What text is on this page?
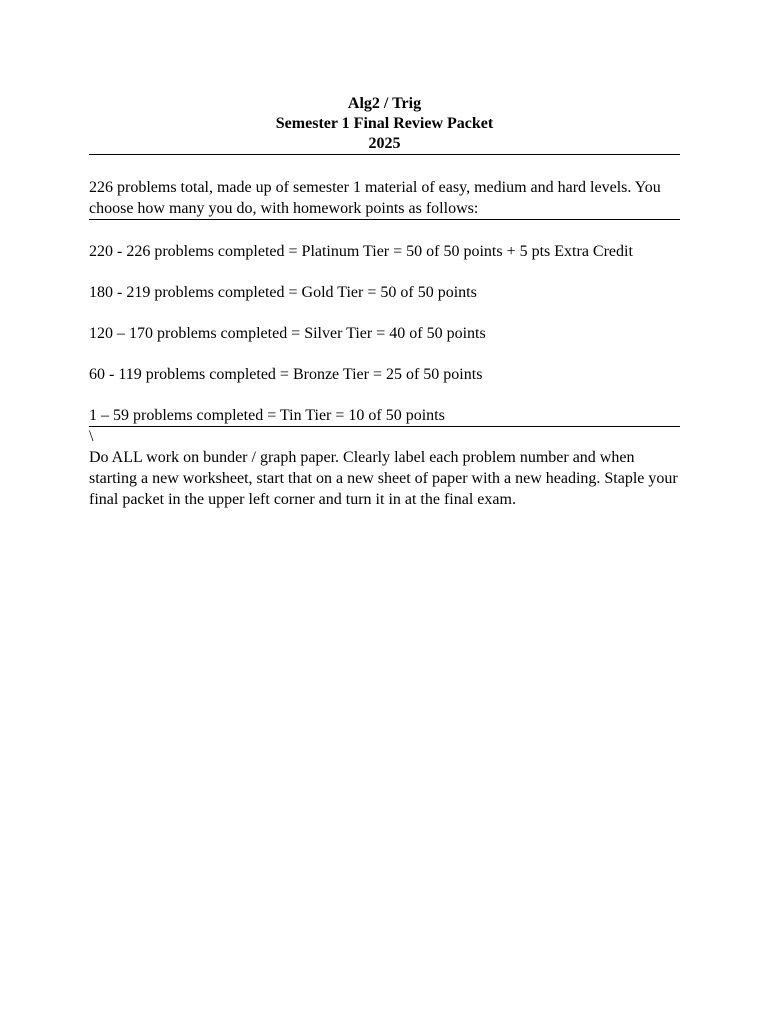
Alg2 / Trig
Semester 1 Final Review Packet
2025

226 problems total, made up of semester 1 material of easy, medium and hard levels. You choose how many you do, with homework points as follows:

220 - 226 problems completed = Platinum Tier = 50 of 50 points + 5 pts Extra Credit

180 - 219 problems completed = Gold Tier = 50 of 50 points

120 – 170 problems completed = Silver Tier = 40 of 50 points

60 - 119 problems completed = Bronze Tier = 25 of 50 points

1 – 59 problems completed = Tin Tier = 10 of 50 points

\

Do ALL work on bunder / graph paper. Clearly label each problem number and when starting a new worksheet, start that on a new sheet of paper with a new heading. Staple your final packet in the upper left corner and turn it in at the final exam.
